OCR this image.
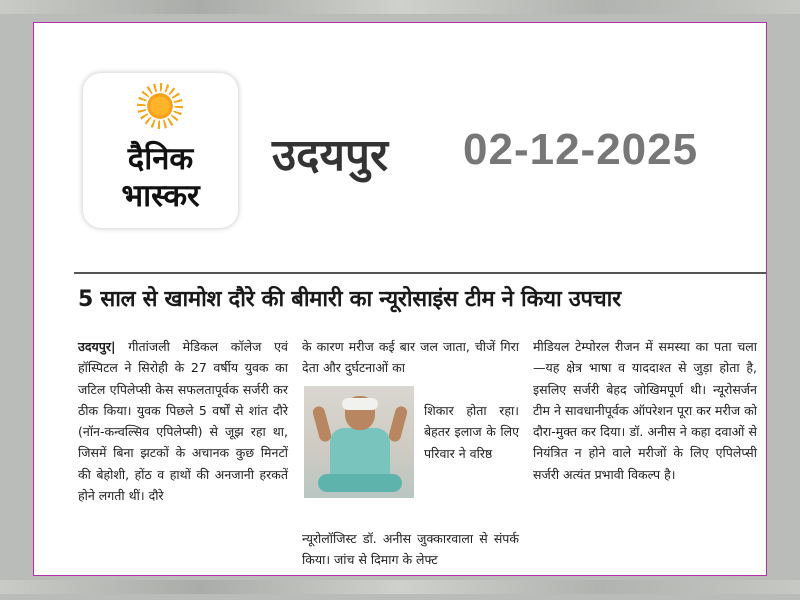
दैनिक
भास्कर
उदयपुर 02-12-2025
5 साल से खामोश दौरे की बीमारी का न्यूरोसाइंस टीम ने किया उपचार

उदयपुर| गीतांजली मेडिकल कॉलेज एवं हॉस्पिटल ने सिरोही के 27 वर्षीय युवक का जटिल एपिलेप्सी केस सफलतापूर्वक सर्जरी कर ठीक किया। युवक पिछले 5 वर्षों से शांत दौरे (नॉन-कन्वल्सिव एपिलेप्सी) से जूझ रहा था, जिसमें बिना झटकों के अचानक कुछ मिनटों की बेहोशी, होंठ व हाथों की अनजानी हरकतें होने लगती थीं। दौरे

के कारण मरीज कई बार जल जाता, चीजें गिरा देता और दुर्घटनाओं का

शिकार होता रहा। बेहतर इलाज के लिए परिवार ने वरिष्ठ

न्यूरोलॉजिस्ट डॉ. अनीस जुक्कारवाला से संपर्क किया। जांच से दिमाग के लेफ्ट

मीडियल टेम्पोरल रीजन में समस्या का पता चला—यह क्षेत्र भाषा व याददाश्त से जुड़ा होता है, इसलिए सर्जरी बेहद जोखिमपूर्ण थी। न्यूरोसर्जन टीम ने सावधानीपूर्वक ऑपरेशन पूरा कर मरीज को दौरा-मुक्त कर दिया। डॉ. अनीस ने कहा दवाओं से नियंत्रित न होने वाले मरीजों के लिए एपिलेप्सी सर्जरी अत्यंत प्रभावी विकल्प है।
